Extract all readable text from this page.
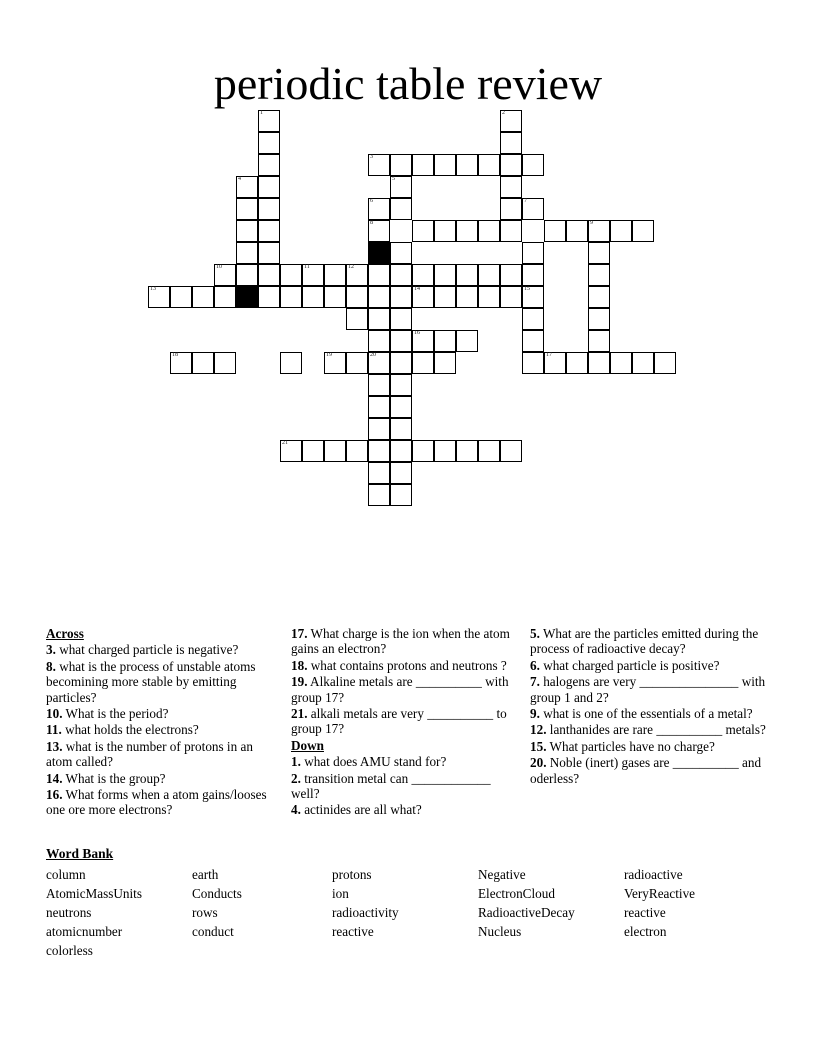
periodic table review
1	2
3
4	5
6	7
8	9
10	11	12
13	14	15
16
17
18	19	20
21
Across
3. what charged particle is negative?
8. what is the process of unstable atoms becomining more stable by emitting particles?
10. What is the period?
11. what holds the electrons?
13. what is the number of protons in an atom called?
14. What is the group?
16. What forms when a atom gains/looses one ore more electrons?
17. What charge is the ion when the atom gains an electron?
18. what contains protons and neutrons ?
19. Alkaline metals are __________ with group 17?
21. alkali metals are very __________ to group 17?
Down
1. what does AMU stand for?
2. transition metal can ____________ well?
4. actinides are all what?
5. What are the particles emitted during the process of radioactive decay?
6. what charged particle is positive?
7. halogens are very _______________ with group 1 and 2?
9. what is one of the essentials of a metal?
12. lanthanides are rare __________ metals?
15. What particles have no charge?
20. Noble (inert) gases are __________ and oderless?
Word Bank
column	earth	protons	Negative	radioactive
AtomicMassUnits	Conducts	ion	ElectronCloud	VeryReactive
neutrons	rows	radioactivity	RadioactiveDecay	reactive
atomicnumber	conduct	reactive	Nucleus	electron
colorless
